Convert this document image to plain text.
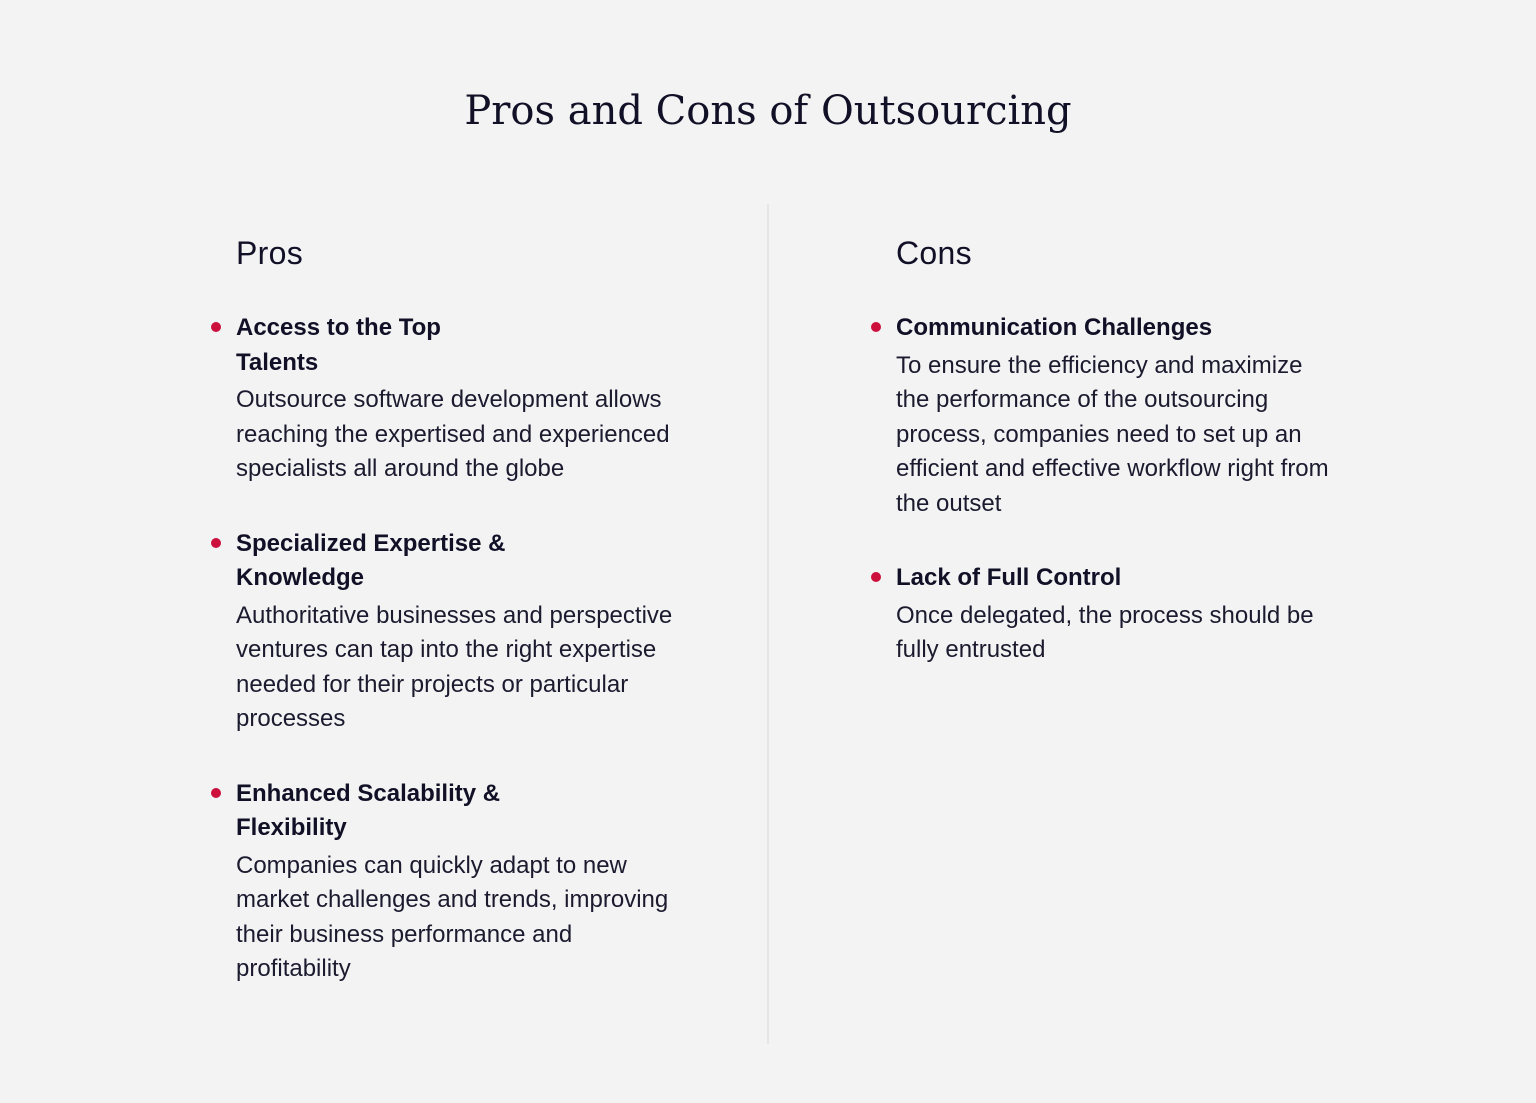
Pros and Cons of Outsourcing
Pros

Access to the Top Talents

Outsource software development allows reaching the expertised and experienced specialists all around the globe

Specialized Expertise & Knowledge

Authoritative businesses and perspective ventures can tap into the right expertise needed for their projects or particular processes

Enhanced Scalability & Flexibility

Companies can quickly adapt to new market challenges and trends, improving their business performance and profitability

Cons

Communication Challenges

To ensure the efficiency and maximize the performance of the outsourcing process, companies need to set up an efficient and effective workflow right from the outset

Lack of Full Control

Once delegated, the process should be fully entrusted
